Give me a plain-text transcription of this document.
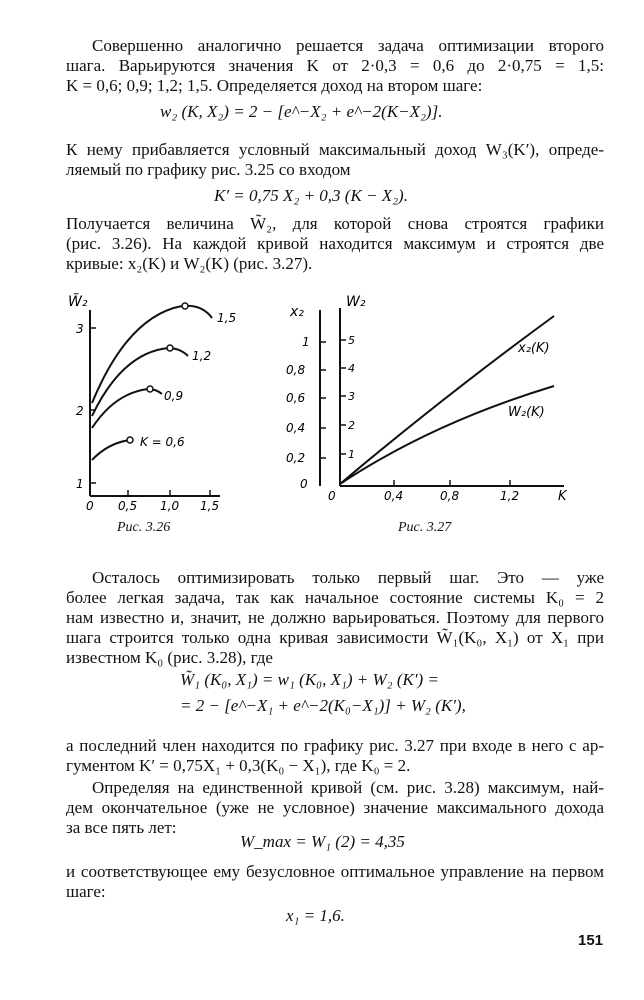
Совершенно аналогично решается задача оптимизации второго
шага. Варьируются значения K от 2·0,3 = 0,6 до 2·0,75 = 1,5:
K = 0,6; 0,9; 1,2; 1,5. Определяется доход на втором шаге:
w₂ (K, X₂) = 2 − [e^−X₂ + e^−2(K−X₂)].
К нему прибавляется условный максимальный доход W₃(K′), опреде-
ляемый по графику рис. 3.25 со входом
K′ = 0,75 X₂ + 0,3 (K − X₂).
Получается величина W̃₂, для которой снова строятся графики
(рис. 3.26). На каждой кривой находится максимум и строятся две
кривые: x₂(K) и W₂(K) (рис. 3.27).
W̃₂
1
2
3
0 0,5 1,0 1,5
K = 0,6
0,9
1,2
1,5
Рис. 3.26
x₂
W₂
0
0,2
0,4
0,6
0,8
1
1
2
3
4
5
0	0,4	0,8	1,2	K
x₂(K)
W₂(K)
Рис. 3.27
Осталось оптимизировать только первый шаг. Это — уже
более легкая задача, так как начальное состояние системы K₀ = 2
нам известно и, значит, не должно варьироваться. Поэтому для первого
шага строится только одна кривая зависимости W̃₁(K₀, X₁) от X₁ при
известном K₀ (рис. 3.28), где
W̃₁ (K₀, X₁) = w₁ (K₀, X₁) + W₂ (K′) =
= 2 − [e^−X₁ + e^−2(K₀−X₁)] + W₂ (K′),
а последний член находится по графику рис. 3.27 при входе в него с ар-
гументом K′ = 0,75X₁ + 0,3(K₀ − X₁), где K₀ = 2.
Определяя на единственной кривой (см. рис. 3.28) максимум, най-
дем окончательное (уже не условное) значение максимального дохода
за все пять лет:
W_max = W₁ (2) = 4,35
и соответствующее ему безусловное оптимальное управление на первом
шаге:
x₁ = 1,6.
151
